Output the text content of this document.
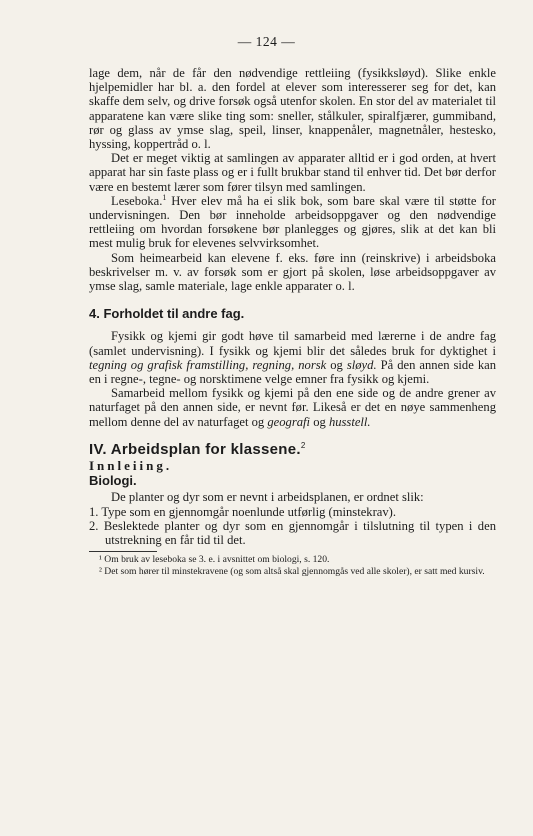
— 124 —

lage dem, når de får den nødvendige rettleiing (fysikksløyd). Slike enkle hjelpemidler har bl. a. den fordel at elever som interesserer seg for det, kan skaffe dem selv, og drive forsøk også utenfor skolen. En stor del av materialet til apparatene kan være slike ting som: sneller, stålkuler, spiralfjærer, gummiband, rør og glass av ymse slag, speil, linser, knappenåler, magnetnåler, hestesko, hyssing, koppertråd o. l.

Det er meget viktig at samlingen av apparater alltid er i god orden, at hvert apparat har sin faste plass og er i fullt brukbar stand til enhver tid. Det bør derfor være en bestemt lærer som fører tilsyn med samlingen.

Leseboka.$^1$ Hver elev må ha ei slik bok, som bare skal være til støtte for undervisningen. Den bør inneholde arbeidsoppgaver og den nødvendige rettleiing om hvordan forsøkene bør planlegges og gjøres, slik at det kan bli mest mulig bruk for elevenes selvvirksomhet.

Som heimearbeid kan elevene f. eks. føre inn (reinskrive) i arbeidsboka beskrivelser m. v. av forsøk som er gjort på skolen, løse arbeidsoppgaver av ymse slag, samle materiale, lage enkle apparater o. l.

4. Forholdet til andre fag.

Fysikk og kjemi gir godt høve til samarbeid med lærerne i de andre fag (samlet undervisning). I fysikk og kjemi blir det således bruk for dyktighet i tegning og grafisk framstilling, regning, norsk og sløyd. På den annen side kan en i regne-, tegne- og norsktimene velge emner fra fysikk og kjemi.

Samarbeid mellom fysikk og kjemi på den ene side og de andre grener av naturfaget på den annen side, er nevnt før. Likeså er det en nøye sammenheng mellom denne del av naturfaget og geografi og husstell.

IV. Arbeidsplan for klassene.$^2$

Innleiing.

Biologi.

De planter og dyr som er nevnt i arbeidsplanen, er ordnet slik:

1. Type som en gjennomgår noenlunde utførlig (minstekrav).

2. Beslektede planter og dyr som en gjennomgår i tilslutning til typen i den utstrekning en får tid til det.

¹ Om bruk av leseboka se 3. e. i avsnittet om biologi, s. 120.

² Det som hører til minstekravene (og som altså skal gjennomgås ved alle skoler), er satt med kursiv.
